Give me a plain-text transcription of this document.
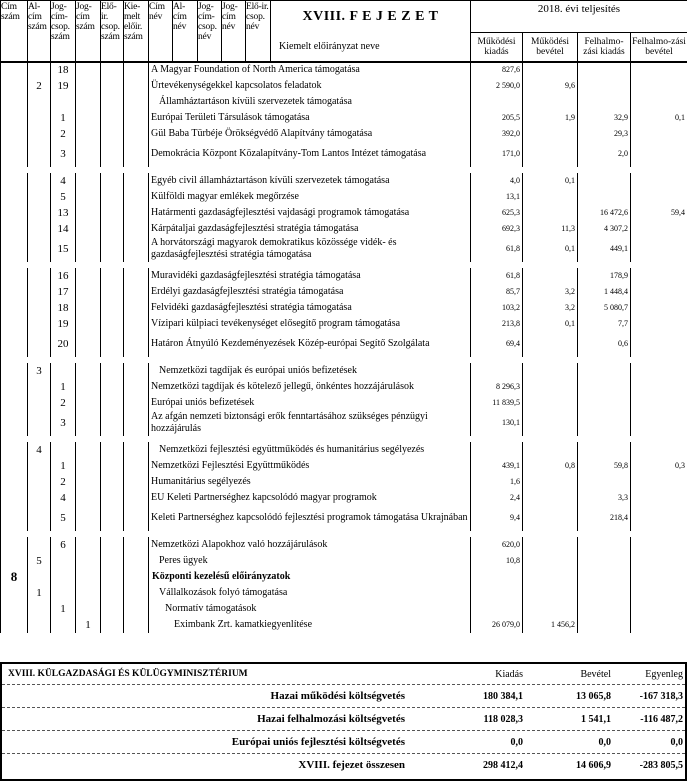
Cím szám	Al-cím szám	Jog-cím-csop. szám	Jog-cím szám	Elő-ir. csop. szám	Kie-melt előir. szám	Cím név	Al-cím név	Jog-cím-csop. név	Jog-cím név	Elő-ir. csop. név	XVIII. F E J E Z E T	2018. évi teljesítés			
											Kiemelt előirányzat neve	Működési kiadás	Működési bevétel	Felhalmo-zási kiadás	Felhalmo-zási bevétel
		18				A Magyar Foundation of North America támogatása						827,6			
	2	19				Ürtevékenységekkel kapcsolatos feladatok						2 590,0	9,6		
						Államháztartáson kívüli szervezetek támogatása									
		1				Európai Területi Társulások támogatása						205,5	1,9	32,9	0,1
		2				Gül Baba Türbéje Örökségvédő Alapítvány támogatása						392,0		29,3	
		3				Demokrácia Központ Közalapítvány-Tom Lantos Intézet támogatása						171,0		2,0	

		4				Egyéb civil államháztartáson kívüli szervezetek támogatása						4,0	0,1		
		5				Külföldi magyar emlékek megőrzése						13,1			
		13				Határmenti gazdaságfejlesztési vajdasági programok támogatása						625,3		16 472,6	59,4
		14				Kárpátaljai gazdaságfejlesztési stratégia támogatása						692,3	11,3	4 307,2	
		15				A horvátországi magyarok demokratikus közössége vidék- és gazdaságfejlesztési stratégia támogatása						61,8	0,1	449,1	

		16				Muravidéki gazdaságfejlesztési stratégia támogatása						61,8		178,9	
		17				Erdélyi gazdaságfejlesztési stratégia támogatása						85,7	3,2	1 448,4	
		18				Felvidéki gazdaságfejlesztési stratégia támogatása						103,2	3,2	5 080,7	
		19				Vízipari külpiaci tevékenységet elősegítő program támogatása						213,8	0,1	7,7	
		20				Határon Átnyúló Kezdeményezések Közép-európai Segítő Szolgálata						69,4		0,6	

	3					Nemzetközi tagdíjak és európai uniós befizetések									
		1				Nemzetközi tagdíjak és kötelező jellegű, önkéntes hozzájárulások						8 296,3			
		2				Európai uniós befizetések						11 839,5			
		3				Az afgán nemzeti biztonsági erők fenntartásához szükséges pénzügyi hozzájárulás						130,1			

	4					Nemzetközi fejlesztési együttműködés és humanitárius segélyezés									
		1				Nemzetközi Fejlesztési Együttműködés						439,1	0,8	59,8	0,3
		2				Humanitárius segélyezés						1,6			
		4				EU Keleti Partnerséghez kapcsolódó magyar programok						2,4		3,3	
		5				Keleti Partnerséghez kapcsolódó fejlesztési programok támogatása Ukrajnában						9,4		218,4	

		6				Nemzetközi Alapokhoz való hozzájárulások						620,0			
	5					Peres ügyek						10,8			
8						Központi kezelésű előirányzatok									
	1					Vállalkozások folyó támogatása									
		1				Normatív támogatások									
			1			Eximbank Zrt. kamatkiegyenlítése						26 079,0	1 456,2		
XVIII. KÜLGAZDASÁGI ÉS KÜLÜGYMINISZTÉRIUM	Kiadás	Bevétel	Egyenleg
Hazai működési költségvetés	180 384,1	13 065,8	-167 318,3
Hazai felhalmozási költségvetés	118 028,3	1 541,1	-116 487,2
Európai uniós fejlesztési költségvetés	0,0	0,0	0,0
XVIII. fejezet összesen	298 412,4	14 606,9	-283 805,5
